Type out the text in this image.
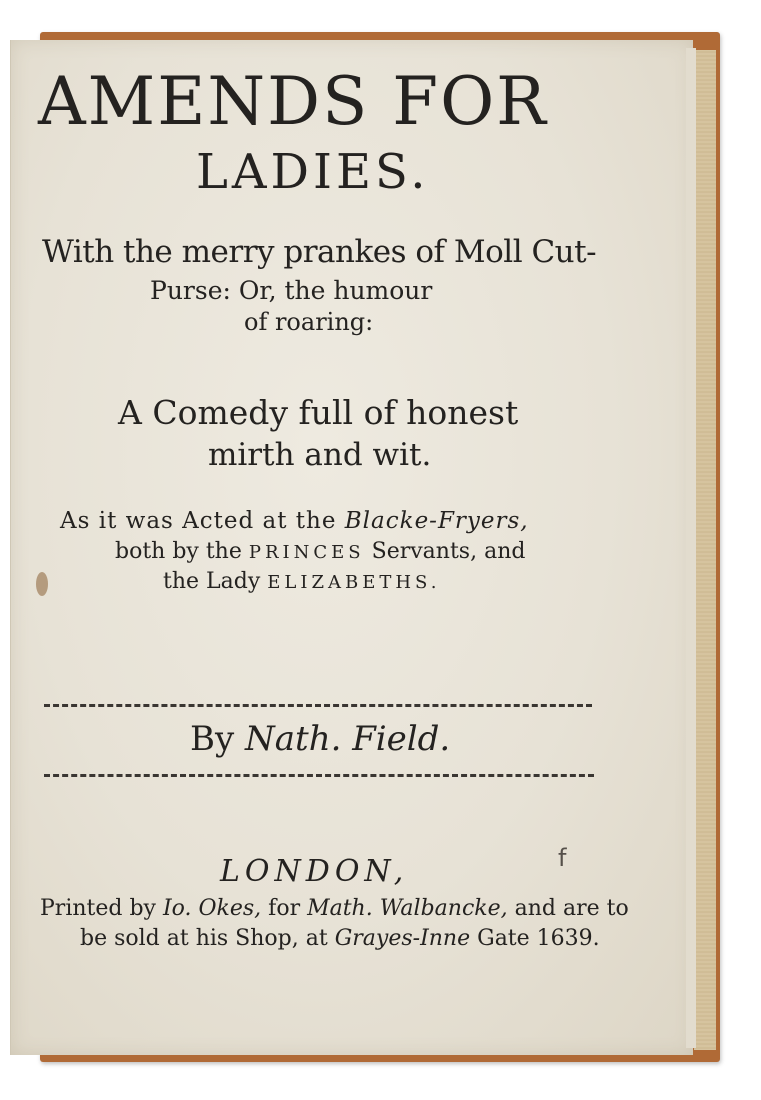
AMENDS FOR
LADIES.
With the merry prankes of Moll Cut-
Purse: Or, the humour
of roaring:
A Comedy full of honest
mirth and wit.
As it was Acted at the Blacke-Fryers,
both by the PRINCES Servants, and
the Lady ELIZABETHS.
By Nath. Field.
LONDON,	f
Printed by Io. Okes, for Math. Walbancke, and are to
be sold at his Shop, at Grayes-Inne Gate 1639.
